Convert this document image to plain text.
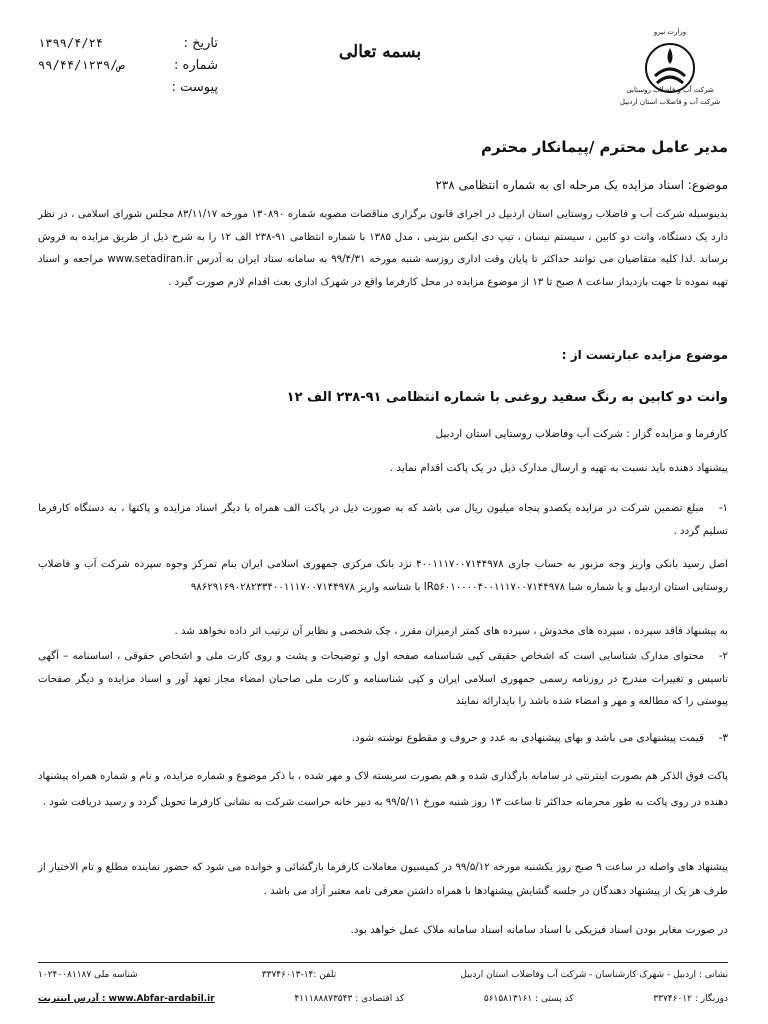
وزارت نیرو
شرکت آب و فاضلاب روستایی
شرکت آب و فاضلاب استان اردبیل
بسمه تعالی
تاریخ :
۱۳۹۹/۴/۲۴
شماره :
۹۹/۴۴/۱۲۳۹/ص
پیوست :
مدیر عامل محترم /پیمانکار محترم
موضوع: اسناد مزایده یک مرحله ای به شماره انتظامی ۲۳۸
بدینوسیله شرکت آب و فاضلاب روستایی استان اردبیل در اجرای قانون برگزاری مناقصات مصوبه شماره ۱۳۰۸۹۰ مورخه ۸۳/۱۱/۱۷ مجلس شورای اسلامی ، در نظر دارد یک دستگاه، وانت دو کابین ، سیستم نیسان ، تیپ دی ایکس بنزینی ، مدل ۱۳۸۵ با شماره انتظامی ۹۱-۲۳۸ الف ۱۲ را به شرح ذیل از طریق مزایده به فروش برساند .لذا کلیه متقاضیان می توانند حداکثر تا پایان وقت اداری روزسه شنبه مورخه ۹۹/۴/۳۱ به سامانه ستاد ایران به آدرس www.setadiran.ir مراجعه و اسناد تهیه نموده تا جهت بازدیداز ساعت ۸ صبح تا ۱۳ از موضوع مزایده در محل کارفرما واقع در شهرک اداری بعث اقدام لازم صورت گیرد .
موضوع مزایده عبارتست از :
وانت دو کابین به رنگ سفید روغنی با شماره انتظامی ۹۱-۲۳۸ الف ۱۲
کارفرما و مزایده گزار : شرکت آب وفاضلاب روستایی استان اردبیل
پیشنهاد دهنده باید نسبت به تهیه و ارسال مدارک ذیل در یک پاکت اقدام نماید .
۱-مبلغ تضمین شرکت در مزایده یکصدو پنجاه میلیون ریال می باشد که به صورت ذیل در پاکت الف همراه با دیگر اسناد مزایده و پاکتها ، به دستگاه کارفرما تسلیم گردد .
اصل رسید بانکی واریز وجه مزبور به حساب جاری ۴۰۰۱۱۱۷۰۰۷۱۴۴۹۷۸ نزد بانک مرکزی جمهوری اسلامی ایران بنام تمرکز وجوه سپرده شرکت آب و فاضلاب روستایی استان اردبیل و یا شماره شبا IR۵۶۰۱۰۰۰۰۴۰۰۱۱۱۷۰۰۷۱۴۴۹۷۸ با شناسه واریز ۹۸۶۲۹۱۶۹۰۲۸۲۳۳۴۰۰۱۱۱۷۰۰۷۱۴۴۹۷۸
به پیشنهاد فاقد سپرده ، سپرده های مخدوش ، سپرده های کمتر ازمیزان مقرر ، چک شخصی و نظایر آن ترتیب اثر داده نخواهد شد .
۲-محتوای مدارک شناسایی است که اشخاص حقیقی کپی شناسنامه صفحه اول و توضیحات و پشت و روی کارت ملی و اشخاص حقوقی ، اساسنامه – آگهی تاسیس و تغییرات مندرج در روزنامه رسمی جمهوری اسلامی ایران و کپی شناسنامه و کارت ملی صاحبان امضاء مجاز تعهد آور و اسناد مزایده و دیگر صفحات پیوستی را که مطالعه و مهر و امضاء شده باشد را بایدارائه نمایند
۳-قیمت پیشنهادی می باشد و بهای پیشنهادی به عدد و حروف و مقطوع نوشته شود.
پاکت فوق الذکر هم بصورت اینترنتی در سامانه بارگذاری شده و هم بصورت سربسته لاک و مهر شده ، با ذکر موضوع و شماره مزایده، و نام و شماره همراه پیشنهاد دهنده در روی پاکت به طور محرمانه حداکثر تا ساعت ۱۳ روز شنبه مورخ ۹۹/۵/۱۱ به دبیر خانه حراست شرکت به نشانی کارفرما تحویل گردد و رسید دریافت شود .
پیشنهاد های واصله در ساعت ۹ صبح روز یکشنبه مورخه ۹۹/۵/۱۲ در کمیسیون معاملات کارفرما بازگشائی و خوانده می شود که حضور نماینده مطلع و تام الاختیار از طرف هر یک از پیشنهاد دهندگان در جلسه گشایش پیشنهادها با همراه داشتن معرفی نامه معتبر آزاد می باشد .
در صورت مغایر بودن اسناد فیزیکی با اسناد سامانه اسناد سامانه ملاک عمل خواهد بود.
نشانی : اردبیل - شهرک کارشناسان - شرکت آب وفاضلاب استان اردبیل
تلفن :۱۴-۳۳۷۴۶۰۱۳
شناسه ملی ۱۰۲۴۰۰۸۱۱۸۷
دورنگار : ۳۳۷۴۶۰۱۲
کد پستی : ۵۶۱۵۸۱۳۱۶۱
کد اقتصادی : ۴۱۱۱۸۸۸۷۳۵۴۳
www.Abfar-ardabil.ir : آدرس اینترنت
